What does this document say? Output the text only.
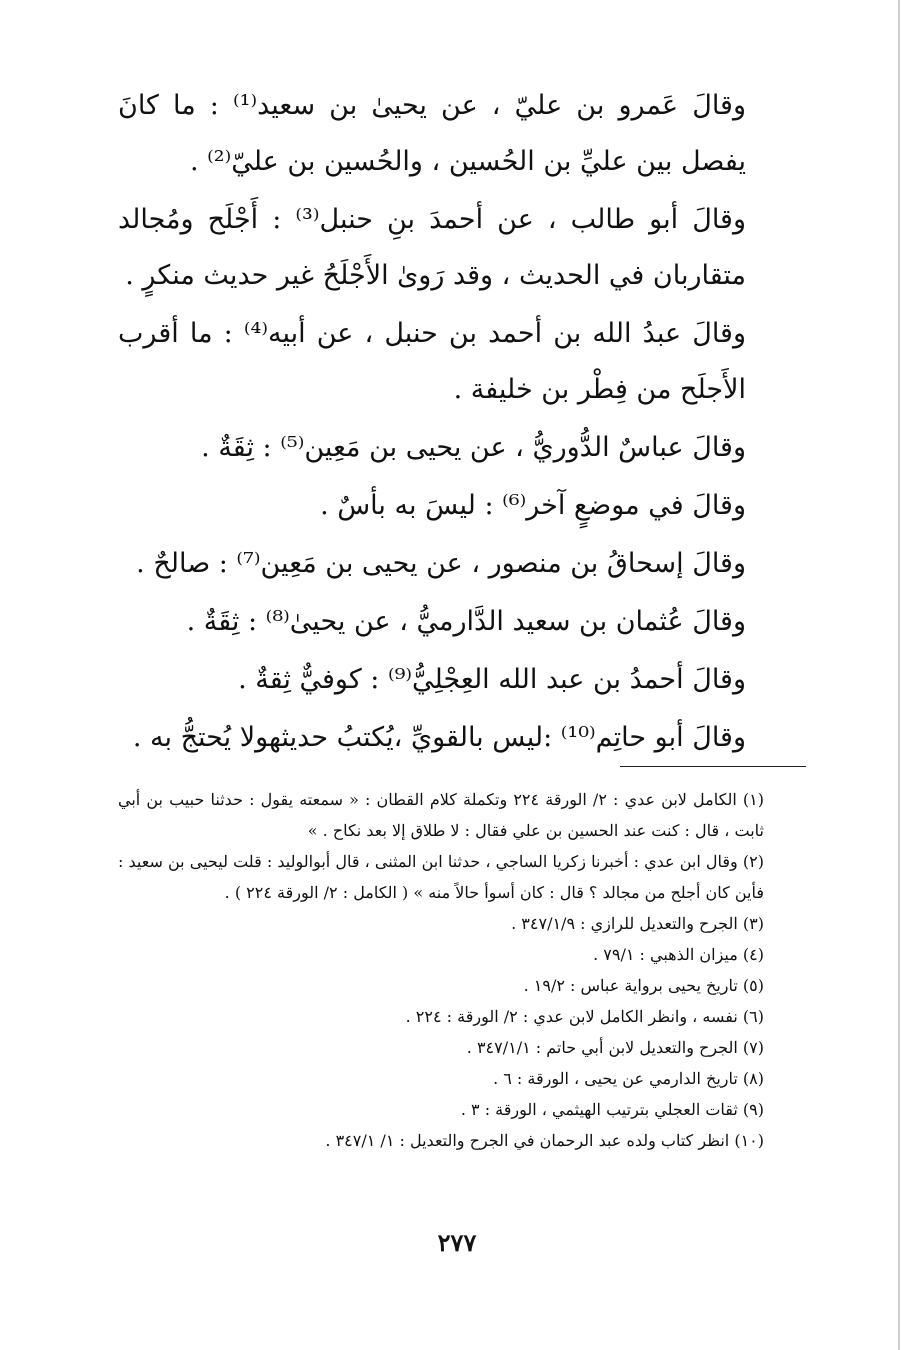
وقالَ عَمرو بن عليّ ، عن يحيىٰ بن سعيد⁽¹⁾ : ما كانَ يفصل بين عليِّ بن الحُسين ، والحُسين بن عليّ⁽²⁾ .

وقالَ أبو طالب ، عن أحمدَ بنِ حنبل⁽³⁾ : أَجْلَح ومُجالد متقاربان في الحديث ، وقد رَوىٰ الأَجْلَحُ غير حديث منكرٍ .

وقالَ عبدُ الله بن أحمد بن حنبل ، عن أبيه⁽⁴⁾ : ما أقرب الأَجلَح من فِطْر بن خليفة .

وقالَ عباسٌ الدُّوريُّ ، عن يحيى بن مَعِين⁽⁵⁾ : ثِقَةٌ .

وقالَ في موضعٍ آخر⁽⁶⁾ : ليسَ به بأسٌ .

وقالَ إسحاقُ بن منصور ، عن يحيى بن مَعِين⁽⁷⁾ : صالحٌ .

وقالَ عُثمان بن سعيد الدَّارميُّ ، عن يحيىٰ⁽⁸⁾ : ثِقَةٌ .

وقالَ أحمدُ بن عبد الله العِجْلِيُّ⁽⁹⁾ : كوفيٌّ ثِقةٌ .

وقالَ أبو حاتِم⁽¹⁰⁾ :ليس بالقويِّ ،يُكتبُ حديثهولا يُحتجُّ به .

(١) الكامل لابن عدي : ٢/ الورقة ٢٢٤ وتكملة كلام القطان : « سمعته يقول : حدثنا حبيب بن أبي ثابت ، قال : كنت عند الحسين بن علي فقال : لا طلاق إلا بعد نكاح . »

(٢) وقال ابن عدي : أخبرنا زكريا الساجي ، حدثنا ابن المثنى ، قال أبوالوليد : قلت ليحيى بن سعيد : فأين كان أجلح من مجالد ؟ قال : كان أسوأ حالاً منه » ( الكامل : ٢/ الورقة ٢٢٤ ) .

(٣) الجرح والتعديل للرازي : ٣٤٧/١/٩ .

(٤) ميزان الذهبي : ٧٩/١ .

(٥) تاريخ يحيى برواية عباس : ١٩/٢ .

(٦) نفسه ، وانظر الكامل لابن عدي : ٢/ الورقة : ٢٢٤ .

(٧) الجرح والتعديل لابن أبي حاتم : ٣٤٧/١/١ .

(٨) تاريخ الدارمي عن يحيى ، الورقة : ٦ .

(٩) ثقات العجلي بترتيب الهيثمي ، الورقة : ٣ .

(١٠) انظر كتاب ولده عبد الرحمان في الجرح والتعديل : ١/ ٣٤٧/١ .

٢٧٧
